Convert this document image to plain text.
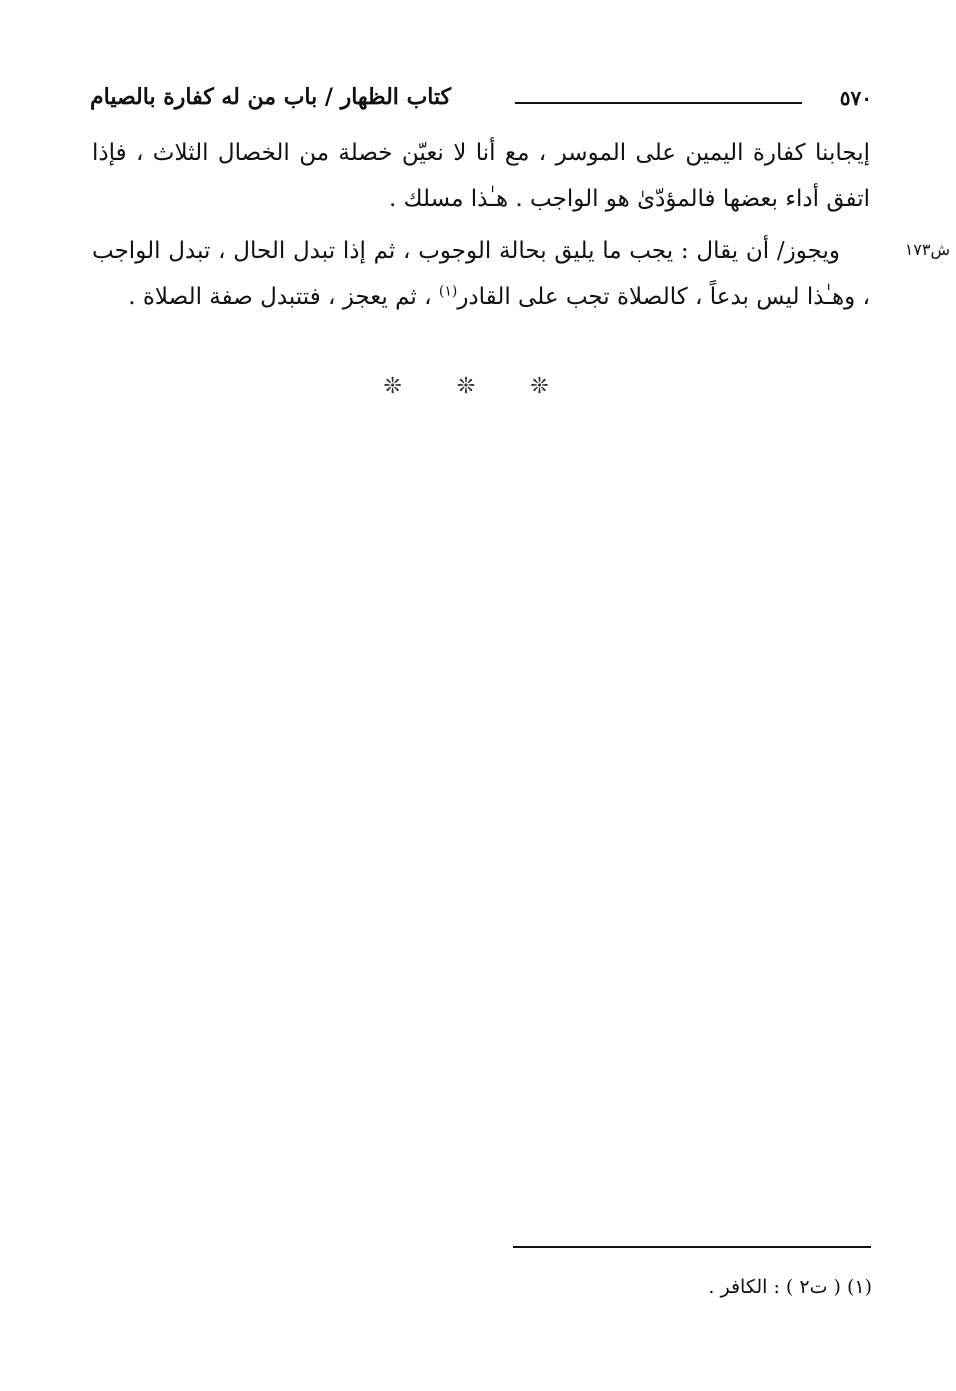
٥٧٠
كتاب الظهار / باب من له كفارة بالصيام
ش١٧٣

إيجابنا كفارة اليمين على الموسر ، مع أنا لا نعيّن خصلة من الخصال الثلاث ، فإذا اتفق أداء بعضها فالمؤدّىٰ هو الواجب . هـٰذا مسلك .

ويجوز/ أن يقال : يجب ما يليق بحالة الوجوب ، ثم إذا تبدل الحال ، تبدل الواجب ، وهـٰذا ليس بدعاً ، كالصلاة تجب على القادر$^{(١)}$ ، ثم يعجز ، فتتبدل صفة الصلاة .

❊ ❊ ❊
(١) ( ت٢ ) : الكافر .
